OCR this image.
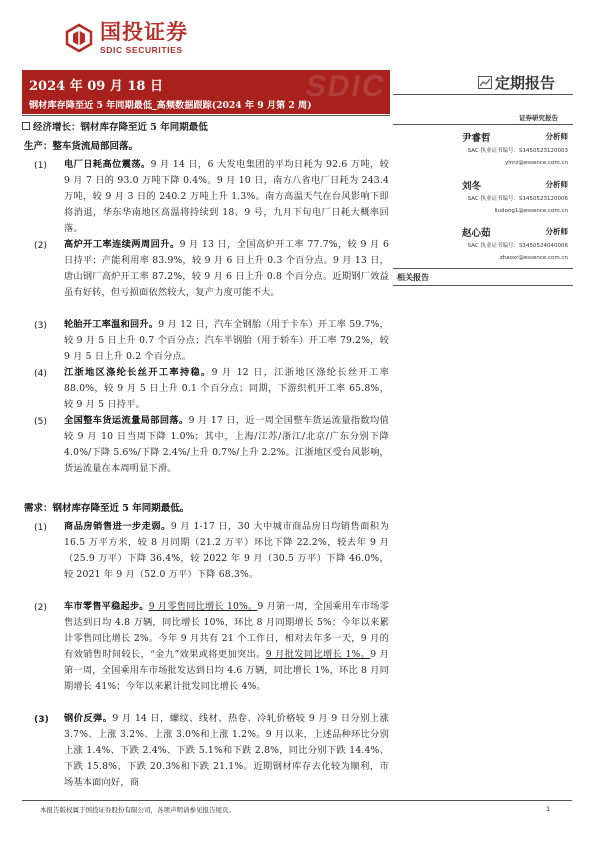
国投证券
SDIC SECURITIES
SDIC
2024 年 09 月 18 日
钢材库存降至近 5 年同期最低_高频数据跟踪(2024 年 9 月第 2 周)
定期报告
证券研究报告
尹睿哲	分析师
SAC 执业证书编号：S1450523120003
yinrz@essence.com.cn
刘冬	分析师
SAC 执业证书编号：S1450523120006
liudong1@essence.com.cn
赵心茹	分析师
SAC 执业证书编号：S1450524040006
zhaoxr@essence.com.cn
相关报告
经济增长：钢材库存降至近 5 年同期最低
生产：整车货流局部回落。
(1) 电厂日耗高位震荡。9 月 14 日，6 大发电集团的平均日耗为 92.6 万吨，较 9 月 7 日的 93.0 万吨下降 0.4%。9 月 10 日，南方八省电厂日耗为 243.4 万吨，较 9 月 3 日的 240.2 万吨上升 1.3%。南方高温天气在台风影响下即将消退，华东华南地区高温将持续到 18、9 号，九月下旬电厂日耗大概率回落。
(2) 高炉开工率连续两周回升。9 月 13 日，全国高炉开工率 77.7%，较 9 月 6 日持平；产能利用率 83.9%，较 9 月 6 日上升 0.3 个百分点。9 月 13 日，唐山钢厂高炉开工率 87.2%，较 9 月 6 日上升 0.8 个百分点。近期钢厂效益虽有好转，但亏损面依然较大，复产力度可能不大。
(3) 轮胎开工率温和回升。9 月 12 日，汽车全钢胎（用于卡车）开工率 59.7%，较 9 月 5 日上升 0.7 个百分点；汽车半钢胎（用于轿车）开工率 79.2%，较 9 月 5 日上升 0.2 个百分点。
(4) 江浙地区涤纶长丝开工率持稳。9 月 12 日，江浙地区涤纶长丝开工率 88.0%，较 9 月 5 日上升 0.1 个百分点；同期，下游织机开工率 65.8%，较 9 月 5 日持平。
(5) 全国整车货运流量局部回落。9 月 17 日，近一周全国整车货运流量指数均值较 9 月 10 日当周下降 1.0%；其中，上海/江苏/浙江/北京/广东分别下降 4.0%/下降 5.6%/下降 2.4%/上升 0.7%/上升 2.2%。江浙地区受台风影响，货运流量在本周明显下滑。
需求：钢材库存降至近 5 年同期最低。
(1) 商品房销售进一步走弱。9 月 1-17 日，30 大中城市商品房日均销售面积为 16.5 万平方米，较 8 月同期（21.2 万平）环比下降 22.2%，较去年 9 月（25.9 万平）下降 36.4%，较 2022 年 9 月（30.5 万平）下降 46.0%，较 2021 年 9 月（52.0 万平）下降 68.3%。
(2) 车市零售平稳起步。9 月零售同比增长 10%。9 月第一周，全国乘用车市场零售达到日均 4.8 万辆，同比增长 10%，环比 8 月同期增长 5%；今年以来累计零售同比增长 2%。今年 9 月共有 21 个工作日，相对去年多一天，9 月的有效销售时间较长，“金九”效果或将更加突出。9 月批发同比增长 1%。9 月第一周，全国乘用车市场批发达到日均 4.6 万辆，同比增长 1%，环比 8 月同期增长 41%；今年以来累计批发同比增长 4%。
(3) 钢价反弹。9 月 14 日，螺纹、线材、热卷、冷轧价格较 9 月 9 日分别上涨 3.7%、上涨 3.2%、上涨 3.0%和上涨 1.2%。9 月以来，上述品种环比分别上涨 1.4%、下跌 2.4%、下跌 5.1%和下跌 2.8%，同比分别下跌 14.4%、下跌 15.8%、下跌 20.3%和下跌 21.1%。近期钢材库存去化较为顺利，市场基本面向好，商
本报告版权属于国投证券股份有限公司，各项声明请参见报告尾页。	1
